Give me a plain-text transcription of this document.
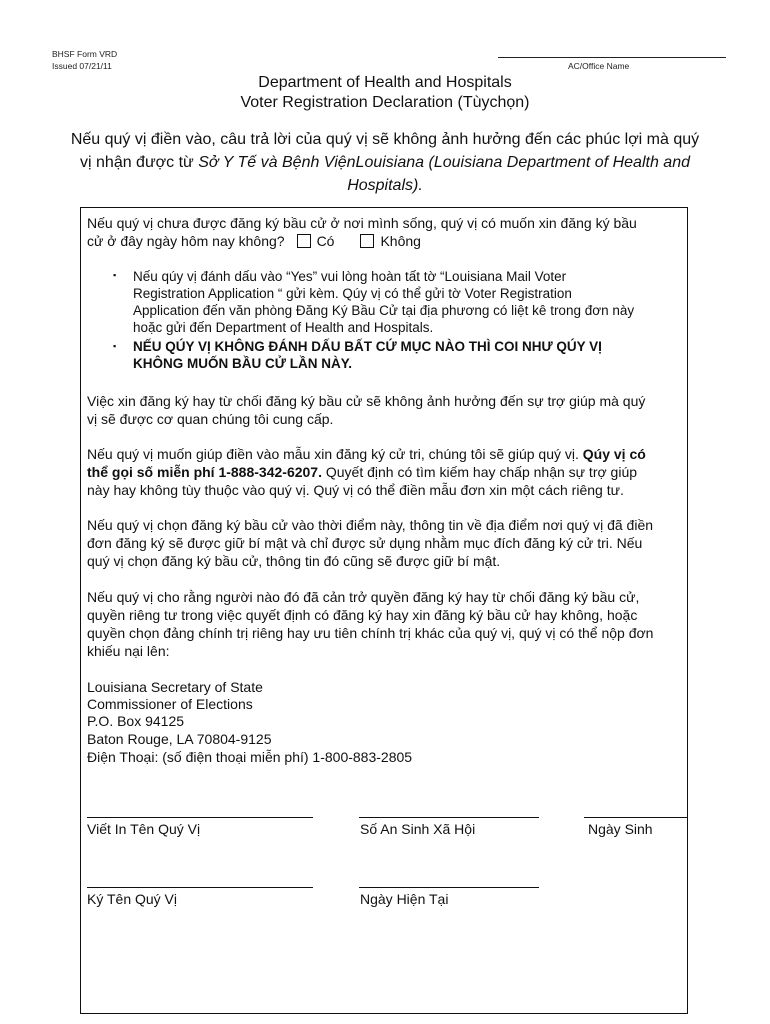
BHSF Form VRD
Issued 07/21/11	AC/Office Name
Department of Health and Hospitals
Voter Registration Declaration (Tùychọn)
Nếu quý vị điền vào, câu trả lời của quý vị sẽ không ảnh hưởng đến các phúc lợi mà quý
vị nhận được từ Sở Y Tế và Bệnh ViệnLouisiana (Louisiana Department of Health and
Hospitals).
Nếu quý vị chưa được đăng ký bầu cử ở nơi mình sống, quý vị có muốn xin đăng ký bầu
cử ở đây ngày hôm nay không? Có	Không
▪ Nếu qúy vị đánh dấu vào “Yes” vui lòng hoàn tất tờ “Louisiana Mail Voter
Registration Application “ gửi kèm. Qúy vị có thể gửi tờ Voter Registration
Application đến văn phòng Đăng Ký Bầu Cử tại địa phương có liệt kê trong đơn này
hoặc gửi đến Department of Health and Hospitals.
▪ NẾU QÚY VỊ KHÔNG ĐÁNH DẤU BẤT CỨ MỤC NÀO THÌ COI NHƯ QÚY VỊ
KHÔNG MUỐN BẦU CỬ LẦN NÀY.
Việc xin đăng ký hay từ chối đăng ký bầu cử sẽ không ảnh hưởng đến sự trợ giúp mà quý
vị sẽ được cơ quan chúng tôi cung cấp.
Nếu quý vị muốn giúp điền vào mẫu xin đăng ký cử tri, chúng tôi sẽ giúp quý vị. Qúy vị có
thể gọi số miễn phí 1-888-342-6207. Quyết định có tìm kiếm hay chấp nhận sự trợ giúp
này hay không tùy thuộc vào quý vị. Quý vị có thể điền mẫu đơn xin một cách riêng tư.
Nếu quý vị chọn đăng ký bầu cử vào thời điểm này, thông tin về địa điểm nơi quý vị đã điền
đơn đăng ký sẽ được giữ bí mật và chỉ được sử dụng nhằm mục đích đăng ký cử tri. Nếu
quý vị chọn đăng ký bầu cử, thông tin đó cũng sẽ được giữ bí mật.
Nếu quý vị cho rằng người nào đó đã cản trở quyền đăng ký hay từ chối đăng ký bầu cử,
quyền riêng tư trong việc quyết định có đăng ký hay xin đăng ký bầu cử hay không, hoặc
quyền chọn đảng chính trị riêng hay ưu tiên chính trị khác của quý vị, quý vị có thể nộp đơn
khiếu nại lên:
Louisiana Secretary of State
Commissioner of Elections
P.O. Box 94125
Baton Rouge, LA 70804-9125
Điện Thoại: (số điện thoại miễn phí) 1-800-883-2805
Viết In Tên Quý Vị	Số An Sinh Xã Hội	Ngày Sinh
Ký Tên Quý Vị	Ngày Hiện Tại
